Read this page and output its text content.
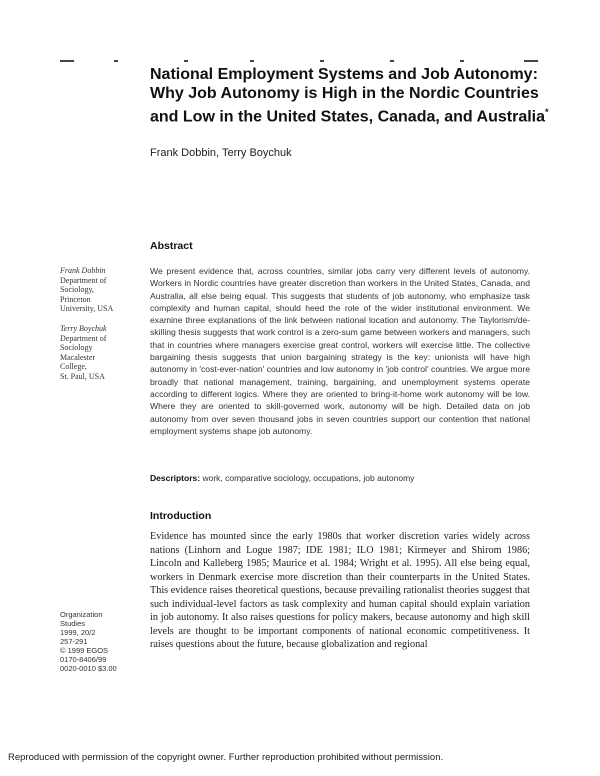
National Employment Systems and Job Autonomy: Why Job Autonomy is High in the Nordic Countries and Low in the United States, Canada, and Australia*
Frank Dobbin, Terry Boychuk
Abstract
Frank Dobbin
Department of
Sociology,
Princeton
University, USA
Terry Boychuk
Department of
Sociology
Macalester
College,
St. Paul, USA
We present evidence that, across countries, similar jobs carry very different levels of autonomy. Workers in Nordic countries have greater discretion than workers in the United States, Canada, and Australia, all else being equal. This suggests that students of job autonomy, who emphasize task complexity and human capital, should heed the role of the wider institutional environment. We examine three explanations of the link between national location and autonomy. The Taylorism/de-skilling thesis suggests that work control is a zero-sum game between workers and managers, such that in countries where managers exercise great control, workers will exercise little. The collective bargaining thesis suggests that union bargaining strategy is the key: unionists will have high autonomy in 'cost-ever-nation' countries and low autonomy in 'job control' countries. We argue more broadly that national management, training, bargaining, and unemployment systems operate according to different logics. Where they are oriented to bring-it-home work autonomy will be low. Where they are oriented to skill-governed work, autonomy will be high. Detailed data on job autonomy from over seven thousand jobs in seven countries support our contention that national employment systems shape job autonomy.
Descriptors: work, comparative sociology, occupations, job autonomy
Introduction
Evidence has mounted since the early 1980s that worker discretion varies widely across nations (Linhorn and Logue 1987; IDE 1981; ILO 1981; Kirmeyer and Shirom 1986; Lincoln and Kalleberg 1985; Maurice et al. 1984; Wright et al. 1995). All else being equal, workers in Denmark exercise more discretion than their counterparts in the United States. This evidence raises theoretical questions, because prevailing rationalist theories suggest that such individual-level factors as task complexity and human capital should explain variation in job autonomy. It also raises questions for policy makers, because autonomy and high skill levels are thought to be important components of national economic competitiveness. It raises questions about the future, because globalization and regional
Organization
Studies
1999, 20/2
257-291
© 1999 EGOS
0170-8406/99
0020-0010 $3.00
Reproduced with permission of the copyright owner. Further reproduction prohibited without permission.
